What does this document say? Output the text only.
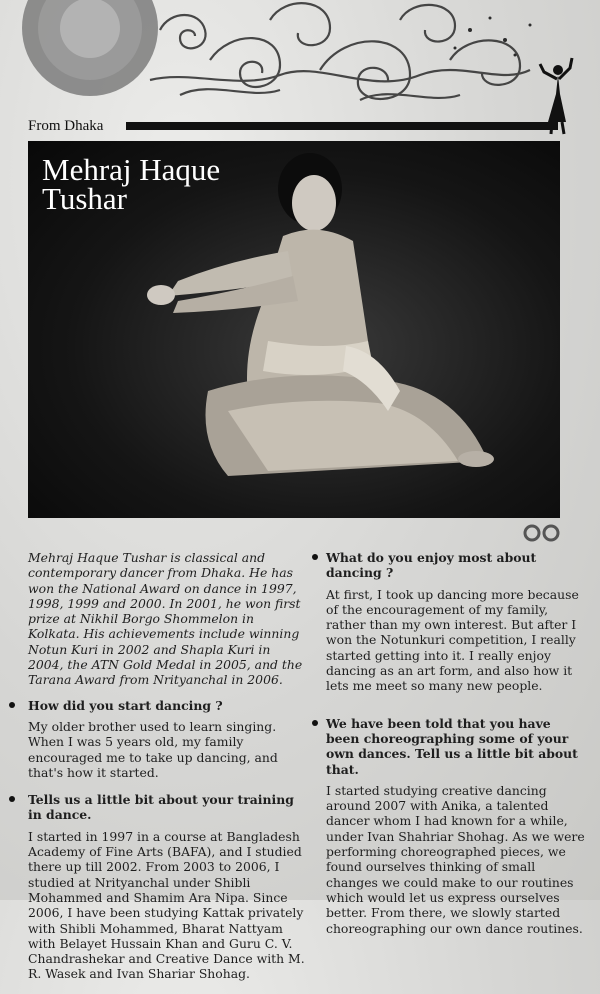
From Dhaka
Mehraj Haque
Tushar

Mehraj Haque Tushar is classical and contemporary dancer from Dhaka. He has won the National Award on dance in 1997, 1998, 1999 and 2000. In 2001, he won first prize at Nikhil Borgo Shommelon in Kolkata. His achievements include winning Notun Kuri in 2002 and Shapla Kuri in 2004, the ATN Gold Medal in 2005, and the Tarana Award from Nrityanchal in 2006.

How did you start dancing ?

My older brother used to learn singing. When I was 5 years old, my family encouraged me to take up dancing, and that's how it started.

Tells us a little bit about your training in dance.

I started in 1997 in a course at Bangladesh Academy of Fine Arts (BAFA), and I studied there up till 2002. From 2003 to 2006, I studied at Nrityanchal under Shibli Mohammed and Shamim Ara Nipa. Since 2006, I have been studying Kattak privately with Shibli Mohammed, Bharat Nattyam with Belayet Hussain Khan and Guru C. V. Chandrashekar and Creative Dance with M. R. Wasek and Ivan Shariar Shohag.

What do you enjoy most about dancing ?

At first, I took up dancing more because of the encouragement of my family, rather than my own interest. But after I won the Notunkuri competition, I really started getting into it. I really enjoy dancing as an art form, and also how it lets me meet so many new people.

We have been told that you have been choreographing some of your own dances. Tell us a little bit about that.

I started studying creative dancing around 2007 with Anika, a talented dancer whom I had known for a while, under Ivan Shahriar Shohag. As we were performing choreographed pieces, we found ourselves thinking of small changes we could make to our routines which would let us express ourselves better. From there, we slowly started choreographing our own dance routines.
